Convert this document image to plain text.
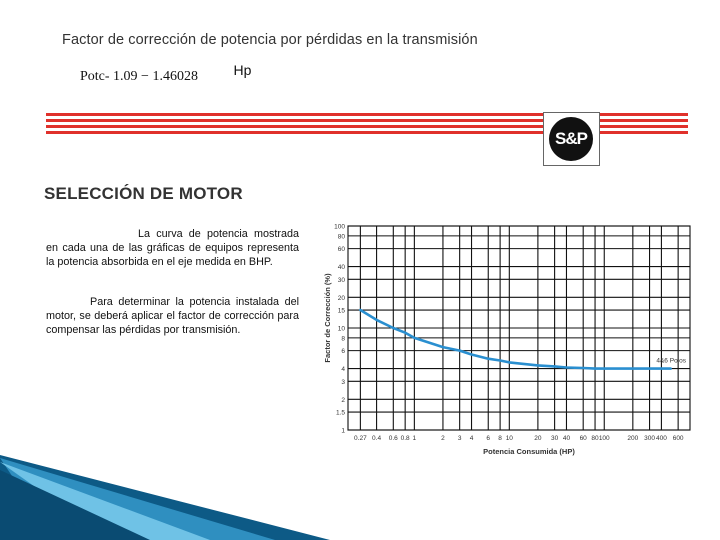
Factor de corrección de potencia por pérdidas en la transmisión
Potc- 1.09 − 1.46028	Hp
S&P
SELECCIÓN DE MOTOR

La curva de potencia mostrada en cada una de las gráficas de equipos representa la potencia absorbida en el eje medida en BHP.

Para determinar la potencia instalada del motor, se deberá aplicar el factor de corrección para compensar las pérdidas por transmisión.

0.27 0.4 0.6 0.8 1	2 3 4 6 8 10	20 30 40 60 80 100	200 300 400 600
1
1.5
2
3
4
6
8
10
15
20
30
40
60
80
100
4&6 Polos
Potencia Consumida (HP)
Factor de Corrección (%)
